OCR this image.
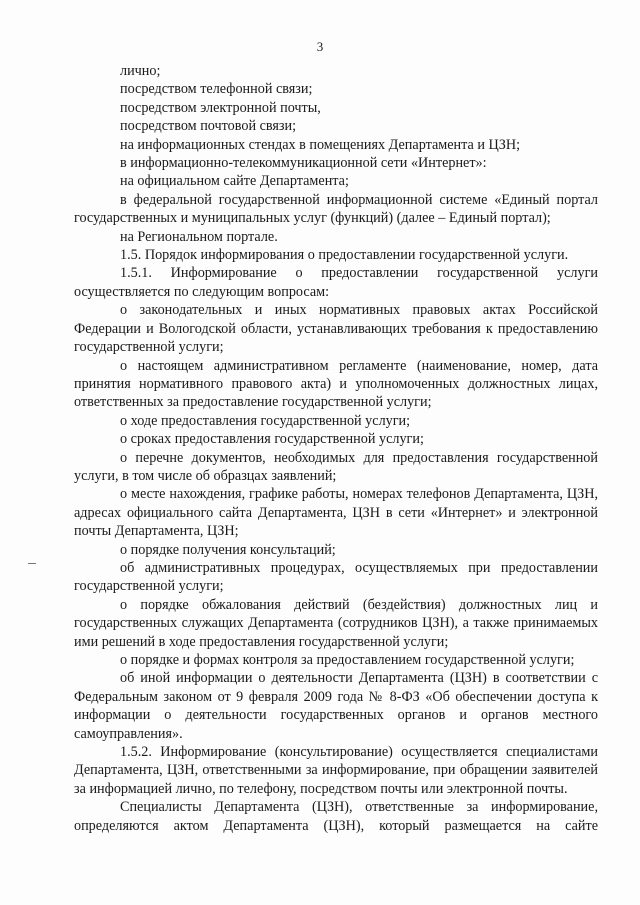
3

лично;

посредством телефонной связи;

посредством электронной почты,

посредством почтовой связи;

на информационных стендах в помещениях Департамента и ЦЗН;

в информационно-телекоммуникационной сети «Интернет»:

на официальном сайте Департамента;

в федеральной государственной информационной системе «Единый портал государственных и муниципальных услуг (функций) (далее – Единый портал);

на Региональном портале.

1.5. Порядок информирования о предоставлении государственной услуги.

1.5.1. Информирование о предоставлении государственной услуги осуществляется по следующим вопросам:

о законодательных и иных нормативных правовых актах Российской Федерации и Вологодской области, устанавливающих требования к предоставлению государственной услуги;

о настоящем административном регламенте (наименование, номер, дата принятия нормативного правового акта) и уполномоченных должностных лицах, ответственных за предоставление государственной услуги;

о ходе предоставления государственной услуги;

о сроках предоставления государственной услуги;

о перечне документов, необходимых для предоставления государственной услуги, в том числе об образцах заявлений;

о месте нахождения, графике работы, номерах телефонов Департамента, ЦЗН, адресах официального сайта Департамента, ЦЗН в сети «Интернет» и электронной почты Департамента, ЦЗН;

о порядке получения консультаций;

об административных процедурах, осуществляемых при предоставлении государственной услуги;

о порядке обжалования действий (бездействия) должностных лиц и государственных служащих Департамента (сотрудников ЦЗН), а также принимаемых ими решений в ходе предоставления государственной услуги;

о порядке и формах контроля за предоставлением государственной услуги;

об иной информации о деятельности Департамента (ЦЗН) в соответствии с Федеральным законом от 9 февраля 2009 года № 8-ФЗ «Об обеспечении доступа к информации о деятельности государственных органов и органов местного самоуправления».

1.5.2. Информирование (консультирование) осуществляется специалистами Департамента, ЦЗН, ответственными за информирование, при обращении заявителей за информацией лично, по телефону, посредством почты или электронной почты.

Специалисты Департамента (ЦЗН), ответственные за информирование, определяются актом Департамента (ЦЗН), который размещается на сайте
